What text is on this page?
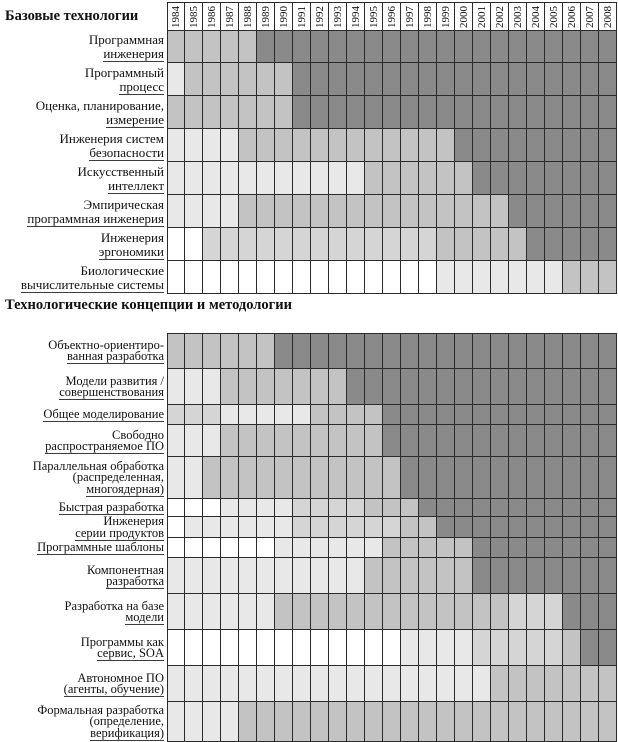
Базовые технологии	1984 1985 1986 1987 1988 1989 1990 1991 1992 1993 1994 1995 1996 1997 1998 1999 2000 2001 2002 2003 2004 2005 2006 2007 2008
Программная
инженерия
Программный
процесс
Оценка, планирование,
измерение
Инженерия систем
безопасности
Искусственный
интеллект
Эмпирическая
программная инженерия
Инженерия
эргономики
Биологические
вычислительные системы
Технологические концепции и методологии
Объектно-ориентиро-
ванная разработка
Модели развития /
совершенствования
Общее моделирование
Свободно
распространяемое ПО
Параллельная обработка
(распределенная,
многоядерная)
Быстрая разработка
Инженерия
серии продуктов
Программные шаблоны
Компонентная
разработка
Разработка на базе
модели
Программы как
сервис, SOA
Автономное ПО
(агенты, обучение)
Формальная разработка
(определение,
верификация)
